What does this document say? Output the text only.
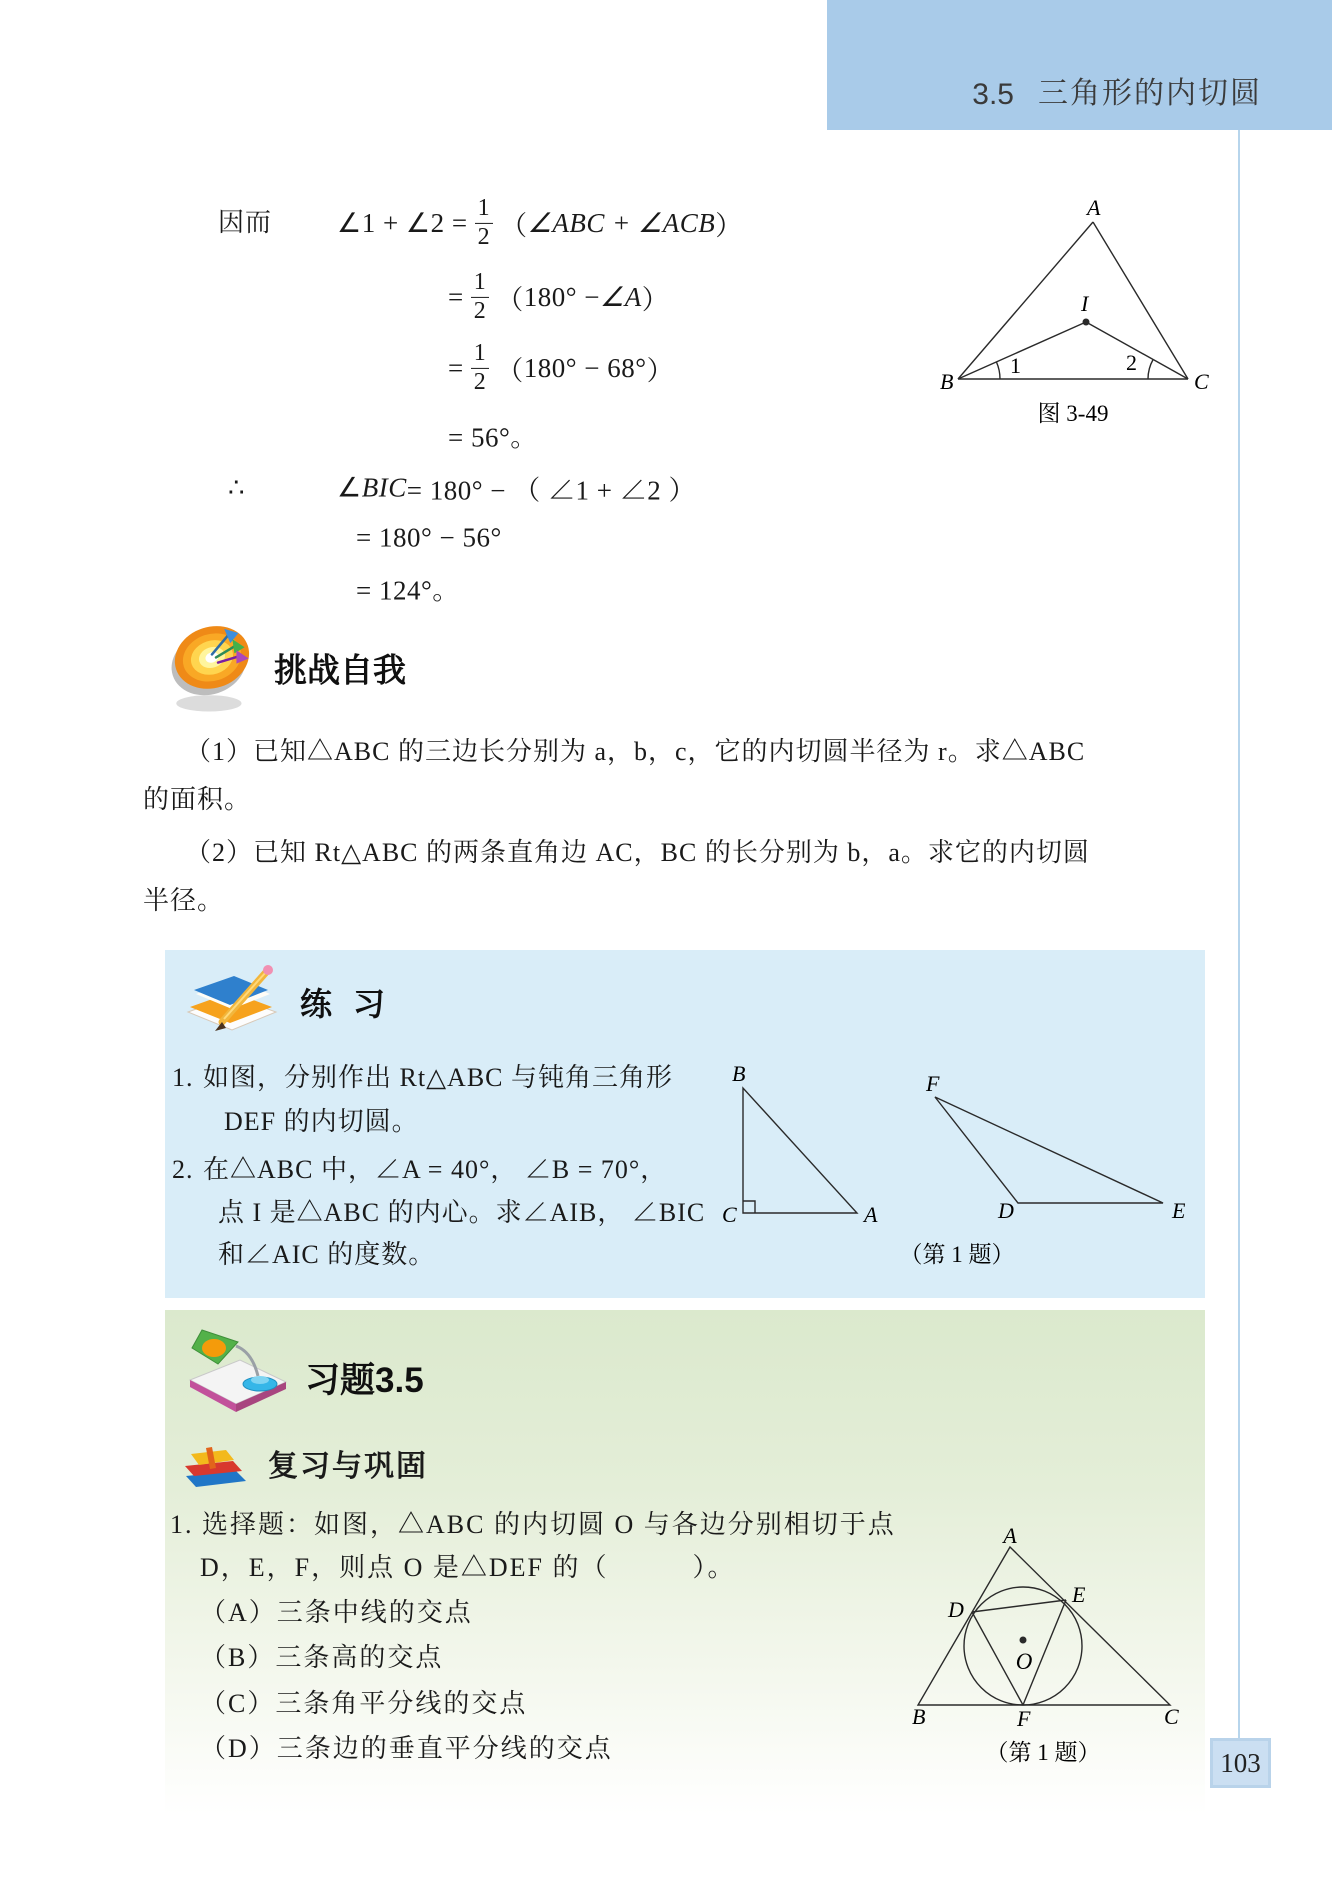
3.5 三角形的内切圆
103
因而 ∠1 + ∠2 = $\frac{1}{2}$ （ ∠ABC + ∠ACB ）
= $\frac{1}{2}$ （ 180° − ∠A ）
= $\frac{1}{2}$ （ 180° − 68° ）
= 56°。
∴	∠ BIC = 180° − （ ∠1 + ∠2 ）
= 180° − 56°
= 124°。
A
B	C
I
1	2
图 3-49
挑战自我
（1）已知△ABC 的三边长分别为 a，b，c，它的内切圆半径为 r。求△ABC
的面积。
（2）已知 Rt△ABC 的两条直角边 AC，BC 的长分别为 b，a。求它的内切圆
半径。
练 习
1. 如图，分别作出 Rt△ABC 与钝角三角形
DEF 的内切圆。
2. 在△ABC 中，∠A = 40°， ∠B = 70°，
点 I 是△ABC 的内心。求∠AIB， ∠BIC
和∠AIC 的度数。
B
C	A
F
D	E
（第 1 题）
习题3.5
复习与巩固
1. 选择题：如图，△ABC 的内切圆 O 与各边分别相切于点
D，E，F，则点 O 是△DEF 的（　　　）。
（A）三条中线的交点
（B）三条高的交点
（C）三条角平分线的交点
（D）三条边的垂直平分线的交点
O
A
B	C
D
E
F
（第 1 题）
